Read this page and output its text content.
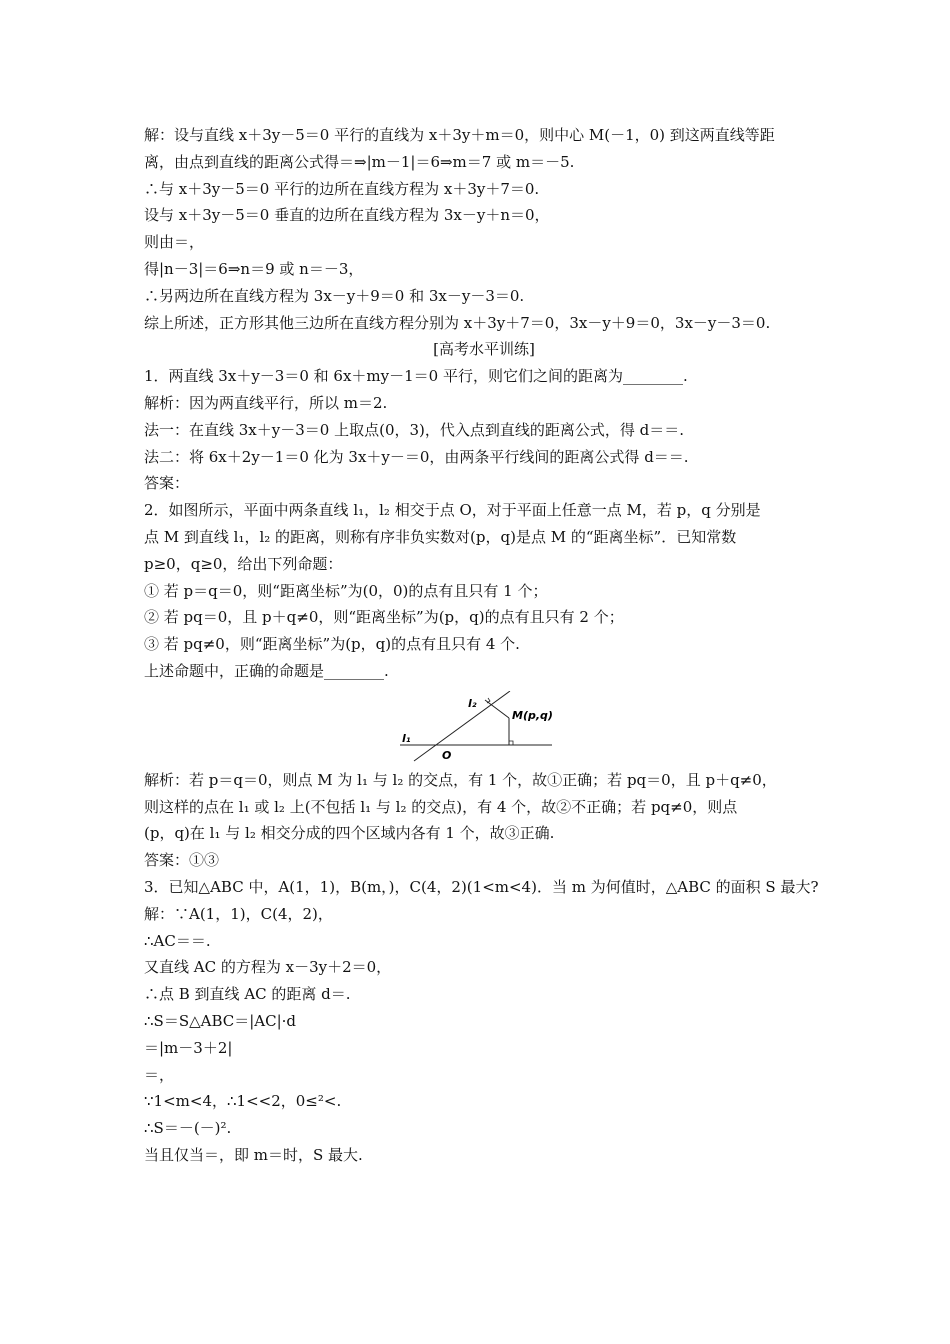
解：设与直线 x＋3y－5＝0 平行的直线为 x＋3y＋m＝0，则中心 M(－1，0) 到这两直线等距
离，由点到直线的距离公式得＝⇒|m－1|＝6⇒m＝7 或 m＝－5.
∴与 x＋3y－5＝0 平行的边所在直线方程为 x＋3y＋7＝0.
设与 x＋3y－5＝0 垂直的边所在直线方程为 3x－y＋n＝0，
则由＝，
得|n－3|＝6⇒n＝9 或 n＝－3，
∴另两边所在直线方程为 3x－y＋9＝0 和 3x－y－3＝0.
综上所述，正方形其他三边所在直线方程分别为 x＋3y＋7＝0，3x－y＋9＝0，3x－y－3＝0.
[高考水平训练]
1．两直线 3x＋y－3＝0 和 6x＋my－1＝0 平行，则它们之间的距离为________.
解析：因为两直线平行，所以 m＝2.
法一：在直线 3x＋y－3＝0 上取点(0，3)，代入点到直线的距离公式，得 d＝＝.
法二：将 6x＋2y－1＝0 化为 3x＋y－＝0，由两条平行线间的距离公式得 d＝＝.
答案：
2．如图所示，平面中两条直线 l₁，l₂ 相交于点 O，对于平面上任意一点 M，若 p，q 分别是
点 M 到直线 l₁，l₂ 的距离，则称有序非负实数对(p，q)是点 M 的“距离坐标”．已知常数
p≥0，q≥0，给出下列命题：
① 若 p＝q＝0，则“距离坐标”为(0，0)的点有且只有 1 个；
② 若 pq＝0，且 p＋q≠0，则“距离坐标”为(p，q)的点有且只有 2 个；
③ 若 pq≠0，则“距离坐标”为(p，q)的点有且只有 4 个.
上述命题中，正确的命题是________.
l₁
l₂
O
M(p,q)
解析：若 p＝q＝0，则点 M 为 l₁ 与 l₂ 的交点，有 1 个，故①正确；若 pq＝0，且 p＋q≠0，
则这样的点在 l₁ 或 l₂ 上(不包括 l₁ 与 l₂ 的交点)，有 4 个，故②不正确；若 pq≠0，则点
(p，q)在 l₁ 与 l₂ 相交分成的四个区域内各有 1 个，故③正确.
答案：①③
3．已知△ABC 中，A(1，1)，B(m，)，C(4，2)(1<m<4)．当 m 为何值时，△ABC 的面积 S 最大?
解：∵A(1，1)，C(4，2)，
∴AC＝＝.
又直线 AC 的方程为 x－3y＋2＝0，
∴点 B 到直线 AC 的距离 d＝.
∴S＝S△ABC＝|AC|·d
＝|m－3＋2|
＝，
∵1<m<4，∴1<<2，0≤²<.
∴S＝－(－)².
当且仅当＝，即 m＝时，S 最大.
